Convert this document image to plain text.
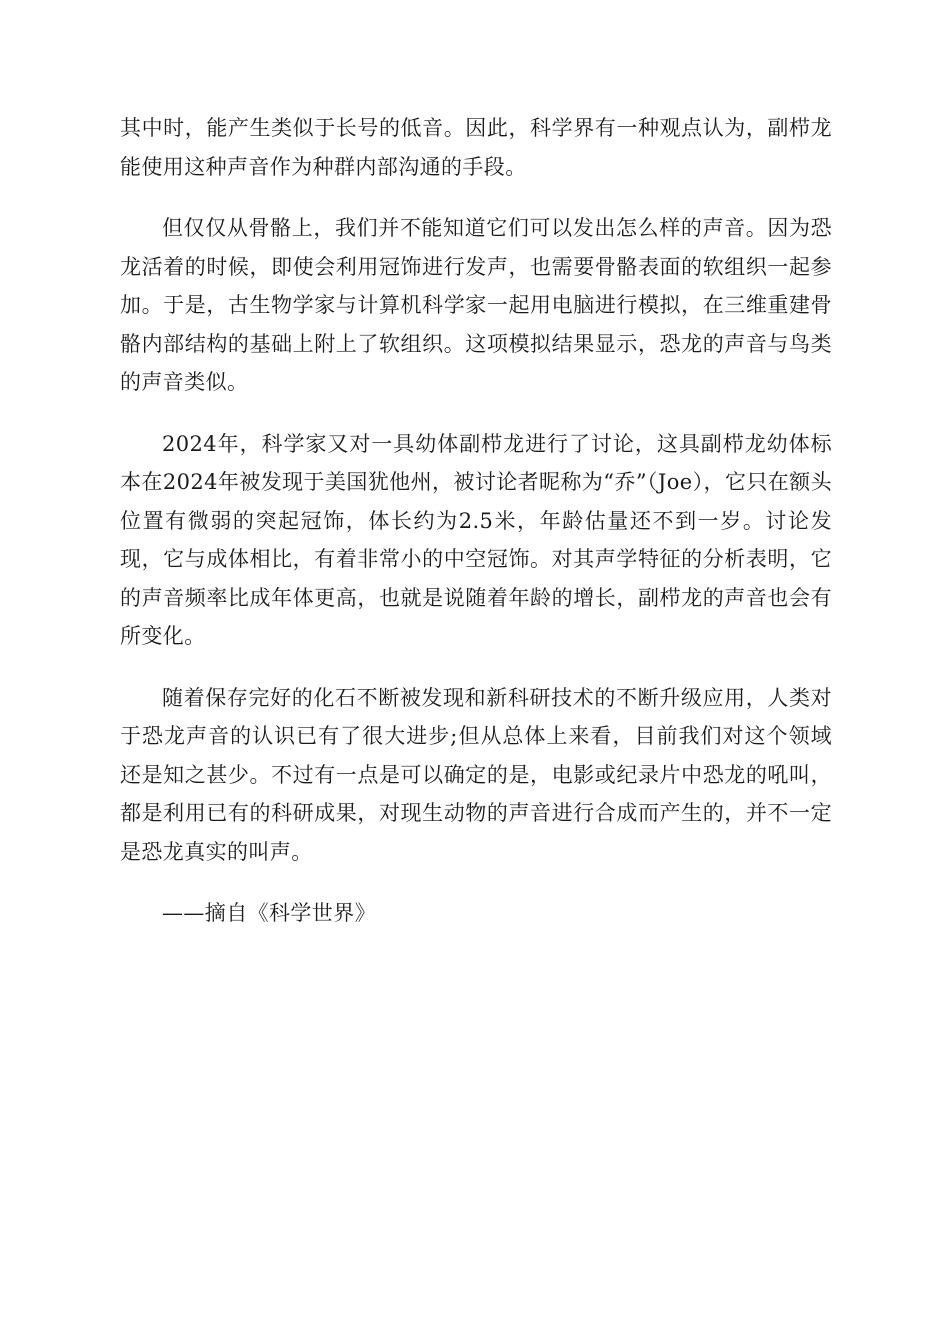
其中时，能产生类似于长号的低音。因此，科学界有一种观点认为，副栉龙能使用这种声音作为种群内部沟通的手段。

但仅仅从骨骼上，我们并不能知道它们可以发出怎么样的声音。因为恐龙活着的时候，即使会利用冠饰进行发声，也需要骨骼表面的软组织一起参加。于是，古生物学家与计算机科学家一起用电脑进行模拟，在三维重建骨骼内部结构的基础上附上了软组织。这项模拟结果显示，恐龙的声音与鸟类的声音类似。

2024年，科学家又对一具幼体副栉龙进行了讨论，这具副栉龙幼体标本在2024年被发现于美国犹他州，被讨论者昵称为“乔”（Joe），它只在额头位置有微弱的突起冠饰，体长约为2.5米，年龄估量还不到一岁。讨论发现，它与成体相比，有着非常小的中空冠饰。对其声学特征的分析表明，它的声音频率比成年体更高，也就是说随着年龄的增长，副栉龙的声音也会有所变化。

随着保存完好的化石不断被发现和新科研技术的不断升级应用，人类对于恐龙声音的认识已有了很大进步;但从总体上来看，目前我们对这个领域还是知之甚少。不过有一点是可以确定的是，电影或纪录片中恐龙的吼叫，都是利用已有的科研成果，对现生动物的声音进行合成而产生的，并不一定是恐龙真实的叫声。

——摘自《科学世界》
